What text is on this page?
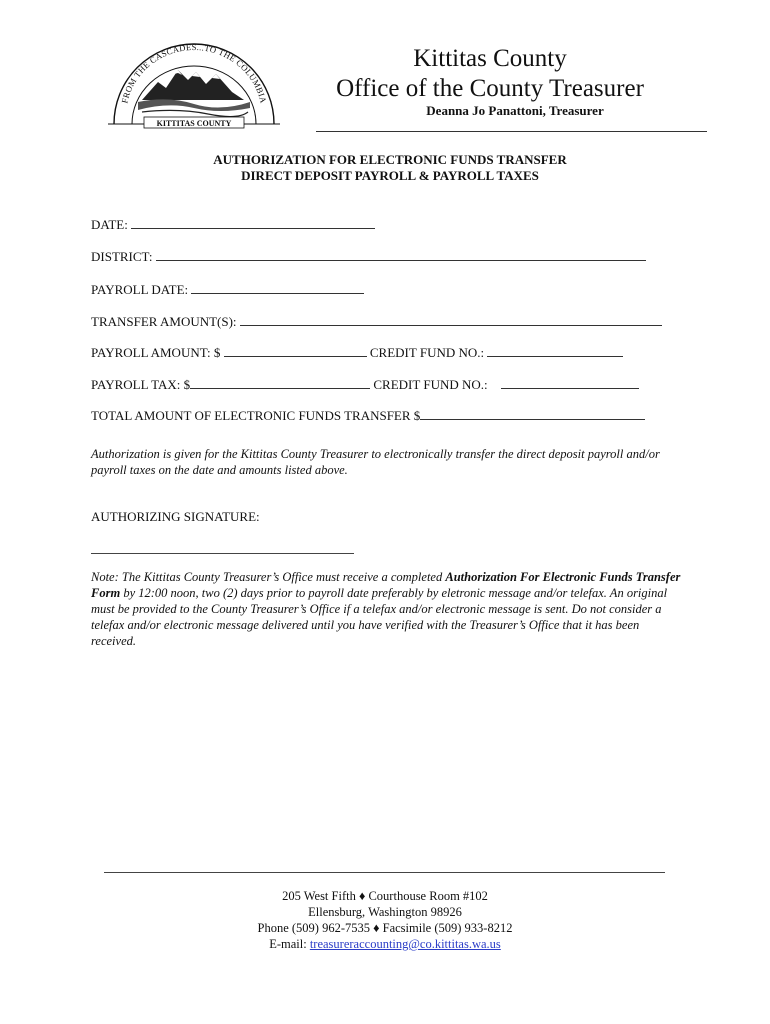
FROM THE CASCADES...TO THE COLUMBIA
KITTITAS COUNTY
Kittitas County
Office of the County Treasurer
Deanna Jo Panattoni, Treasurer
AUTHORIZATION FOR ELECTRONIC FUNDS TRANSFER
DIRECT DEPOSIT PAYROLL & PAYROLL TAXES
DATE:
DISTRICT:
PAYROLL DATE:
TRANSFER AMOUNT(S):
PAYROLL AMOUNT: $	CREDIT FUND NO.:
PAYROLL TAX: $	CREDIT FUND NO.:
TOTAL AMOUNT OF ELECTRONIC FUNDS TRANSFER $
Authorization is given for the Kittitas County Treasurer to electronically transfer the direct deposit payroll and/or payroll taxes on the date and amounts listed above.
AUTHORIZING SIGNATURE:
Note: The Kittitas County Treasurer’s Office must receive a completed Authorization For Electronic Funds Transfer Form by 12:00 noon, two (2) days prior to payroll date preferably by eletronic message and/or telefax. An original must be provided to the County Treasurer’s Office if a telefax and/or electronic message is sent. Do not consider a telefax and/or electronic message delivered until you have verified with the Treasurer’s Office that it has been received.
205 West Fifth ♦ Courthouse Room #102
Ellensburg, Washington 98926
Phone (509) 962-7535 ♦ Facsimile (509) 933-8212
E-mail: treasureraccounting@co.kittitas.wa.us
